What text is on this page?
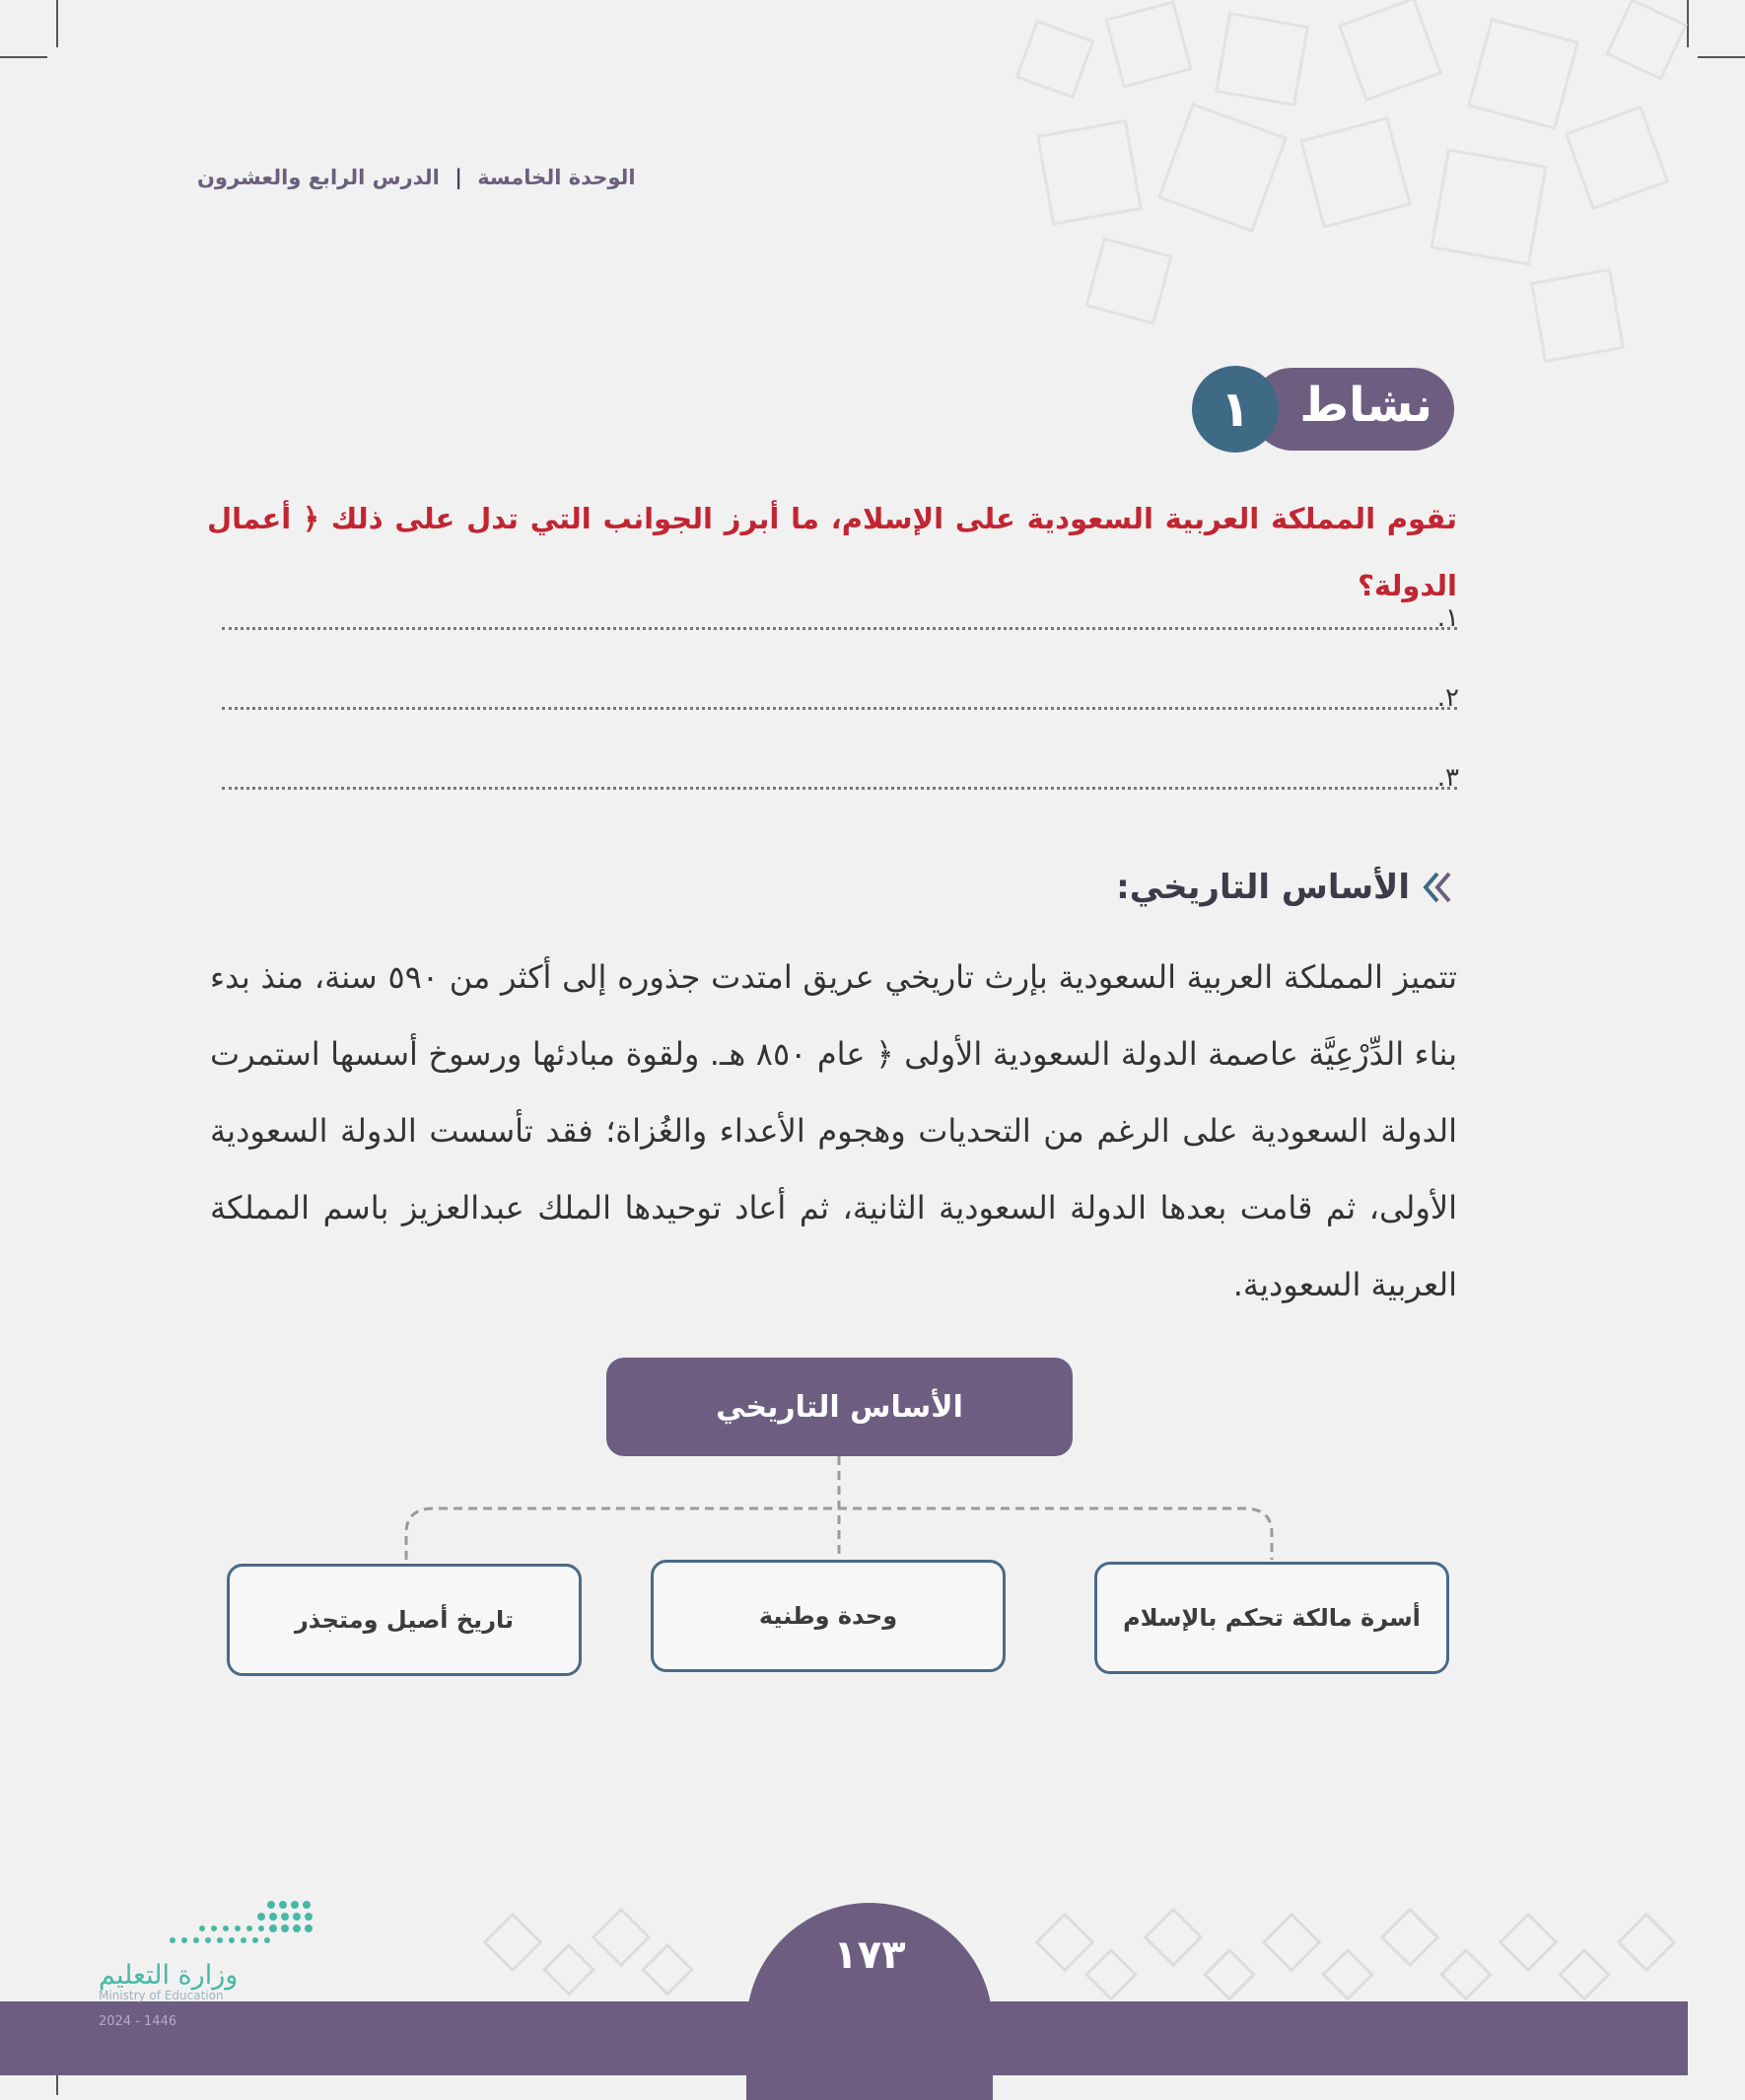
الوحدة الخامسة | الدرس الرابع والعشرون
نشاط
١
تقوم المملكة العربية السعودية على الإسلام، ما أبرز الجوانب التي تدل على ذلك ﴿ أعمال الدولة؟
١.
٢.
٣.
الأساس التاريخي:
تتميز المملكة العربية السعودية بإرث تاريخي عريق امتدت جذوره إلى أكثر من ٥٩٠ سنة، منذ بدء بناء الدِّرْعِيَّة عاصمة الدولة السعودية الأولى ﴿ عام ٨٥٠ هـ. ولقوة مبادئها ورسوخ أسسها استمرت الدولة السعودية على الرغم من التحديات وهجوم الأعداء والغُزاة؛ فقد تأسست الدولة السعودية الأولى، ثم قامت بعدها الدولة السعودية الثانية، ثم أعاد توحيدها الملك عبدالعزيز باسم المملكة العربية السعودية.
الأساس التاريخي
أسرة مالكة تحكم بالإسلام
وحدة وطنية
تاريخ أصيل ومتجذر
١٧٣
وزارة التعليم
Ministry of Education
2024 - 1446
